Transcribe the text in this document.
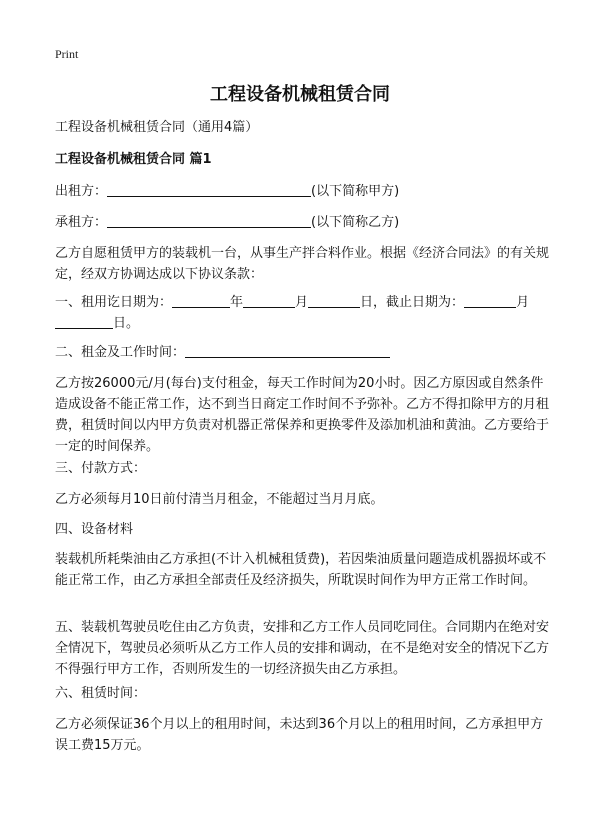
Print
工程设备机械租赁合同
工程设备机械租赁合同（通用4篇）
工程设备机械租赁合同 篇1
出租方：	(以下简称甲方)
承租方：	(以下简称乙方)
乙方自愿租赁甲方的装载机一台，从事生产拌合料作业。根据《经济合同法》的有关规定，经双方协调达成以下协议条款：
一、租用讫日期为：	年	月	日，截止日期为：	月
日。
二、租金及工作时间：
乙方按26000元/月(每台)支付租金，每天工作时间为20小时。因乙方原因或自然条件造成设备不能正常工作，达不到当日商定工作时间不予弥补。乙方不得扣除甲方的月租费，租赁时间以内甲方负责对机器正常保养和更换零件及添加机油和黄油。乙方要给于一定的时间保养。
三、付款方式：
乙方必须每月10日前付清当月租金，不能超过当月月底。
四、设备材料
装载机所耗柴油由乙方承担(不计入机械租赁费)，若因柴油质量问题造成机器损坏或不能正常工作，由乙方承担全部责任及经济损失，所耽误时间作为甲方正常工作时间。
五、装载机驾驶员吃住由乙方负责，安排和乙方工作人员同吃同住。合同期内在绝对安全情况下，驾驶员必须听从乙方工作人员的安排和调动，在不是绝对安全的情况下乙方不得强行甲方工作，否则所发生的一切经济损失由乙方承担。
六、租赁时间：
乙方必须保证36个月以上的租用时间，未达到36个月以上的租用时间，乙方承担甲方误工费15万元。
